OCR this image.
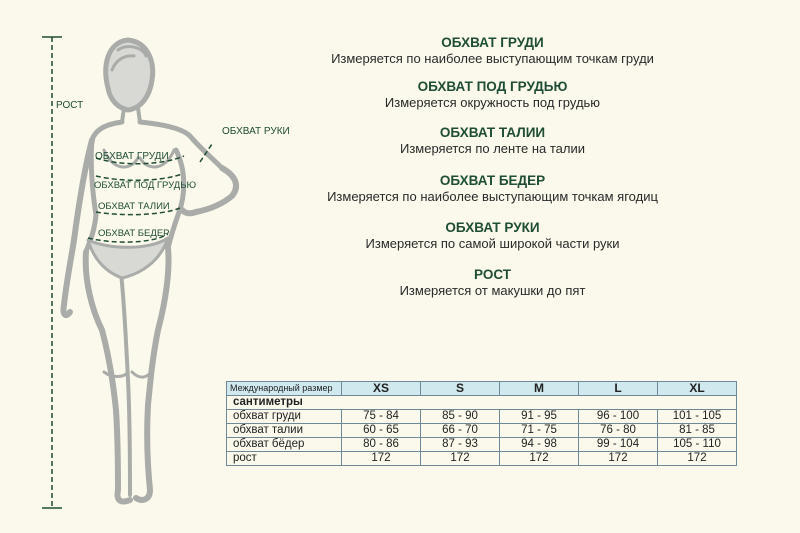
РОСТ
ОБХВАТ РУКИ
ОБХВАТ ГРУДИ
ОБХВАТ ПОД ГРУДЬЮ
ОБХВАТ ТАЛИИ
ОБХВАТ БЕДЕР
ОБХВАТ ГРУДИ
Измеряется по наиболее выступающим точкам груди
ОБХВАТ ПОД ГРУДЬЮ
Измеряется окружность под грудью
ОБХВАТ ТАЛИИ
Измеряется по ленте на талии
ОБХВАТ БЕДЕР
Измеряется по наиболее выступающим точкам ягодиц
ОБХВАТ РУКИ
Измеряется по самой широкой части руки
РОСТ
Измеряется от макушки до пят
Международный размер	XS	S	M	L	XL
сантиметры					
обхват груди	75 - 84	85 - 90	91 - 95	96 - 100	101 - 105
обхват талии	60 - 65	66 - 70	71 - 75	76 - 80	81 - 85
обхват бёдер	80 - 86	87 - 93	94 - 98	99 - 104	105 - 110
рост	172	172	172	172	172
